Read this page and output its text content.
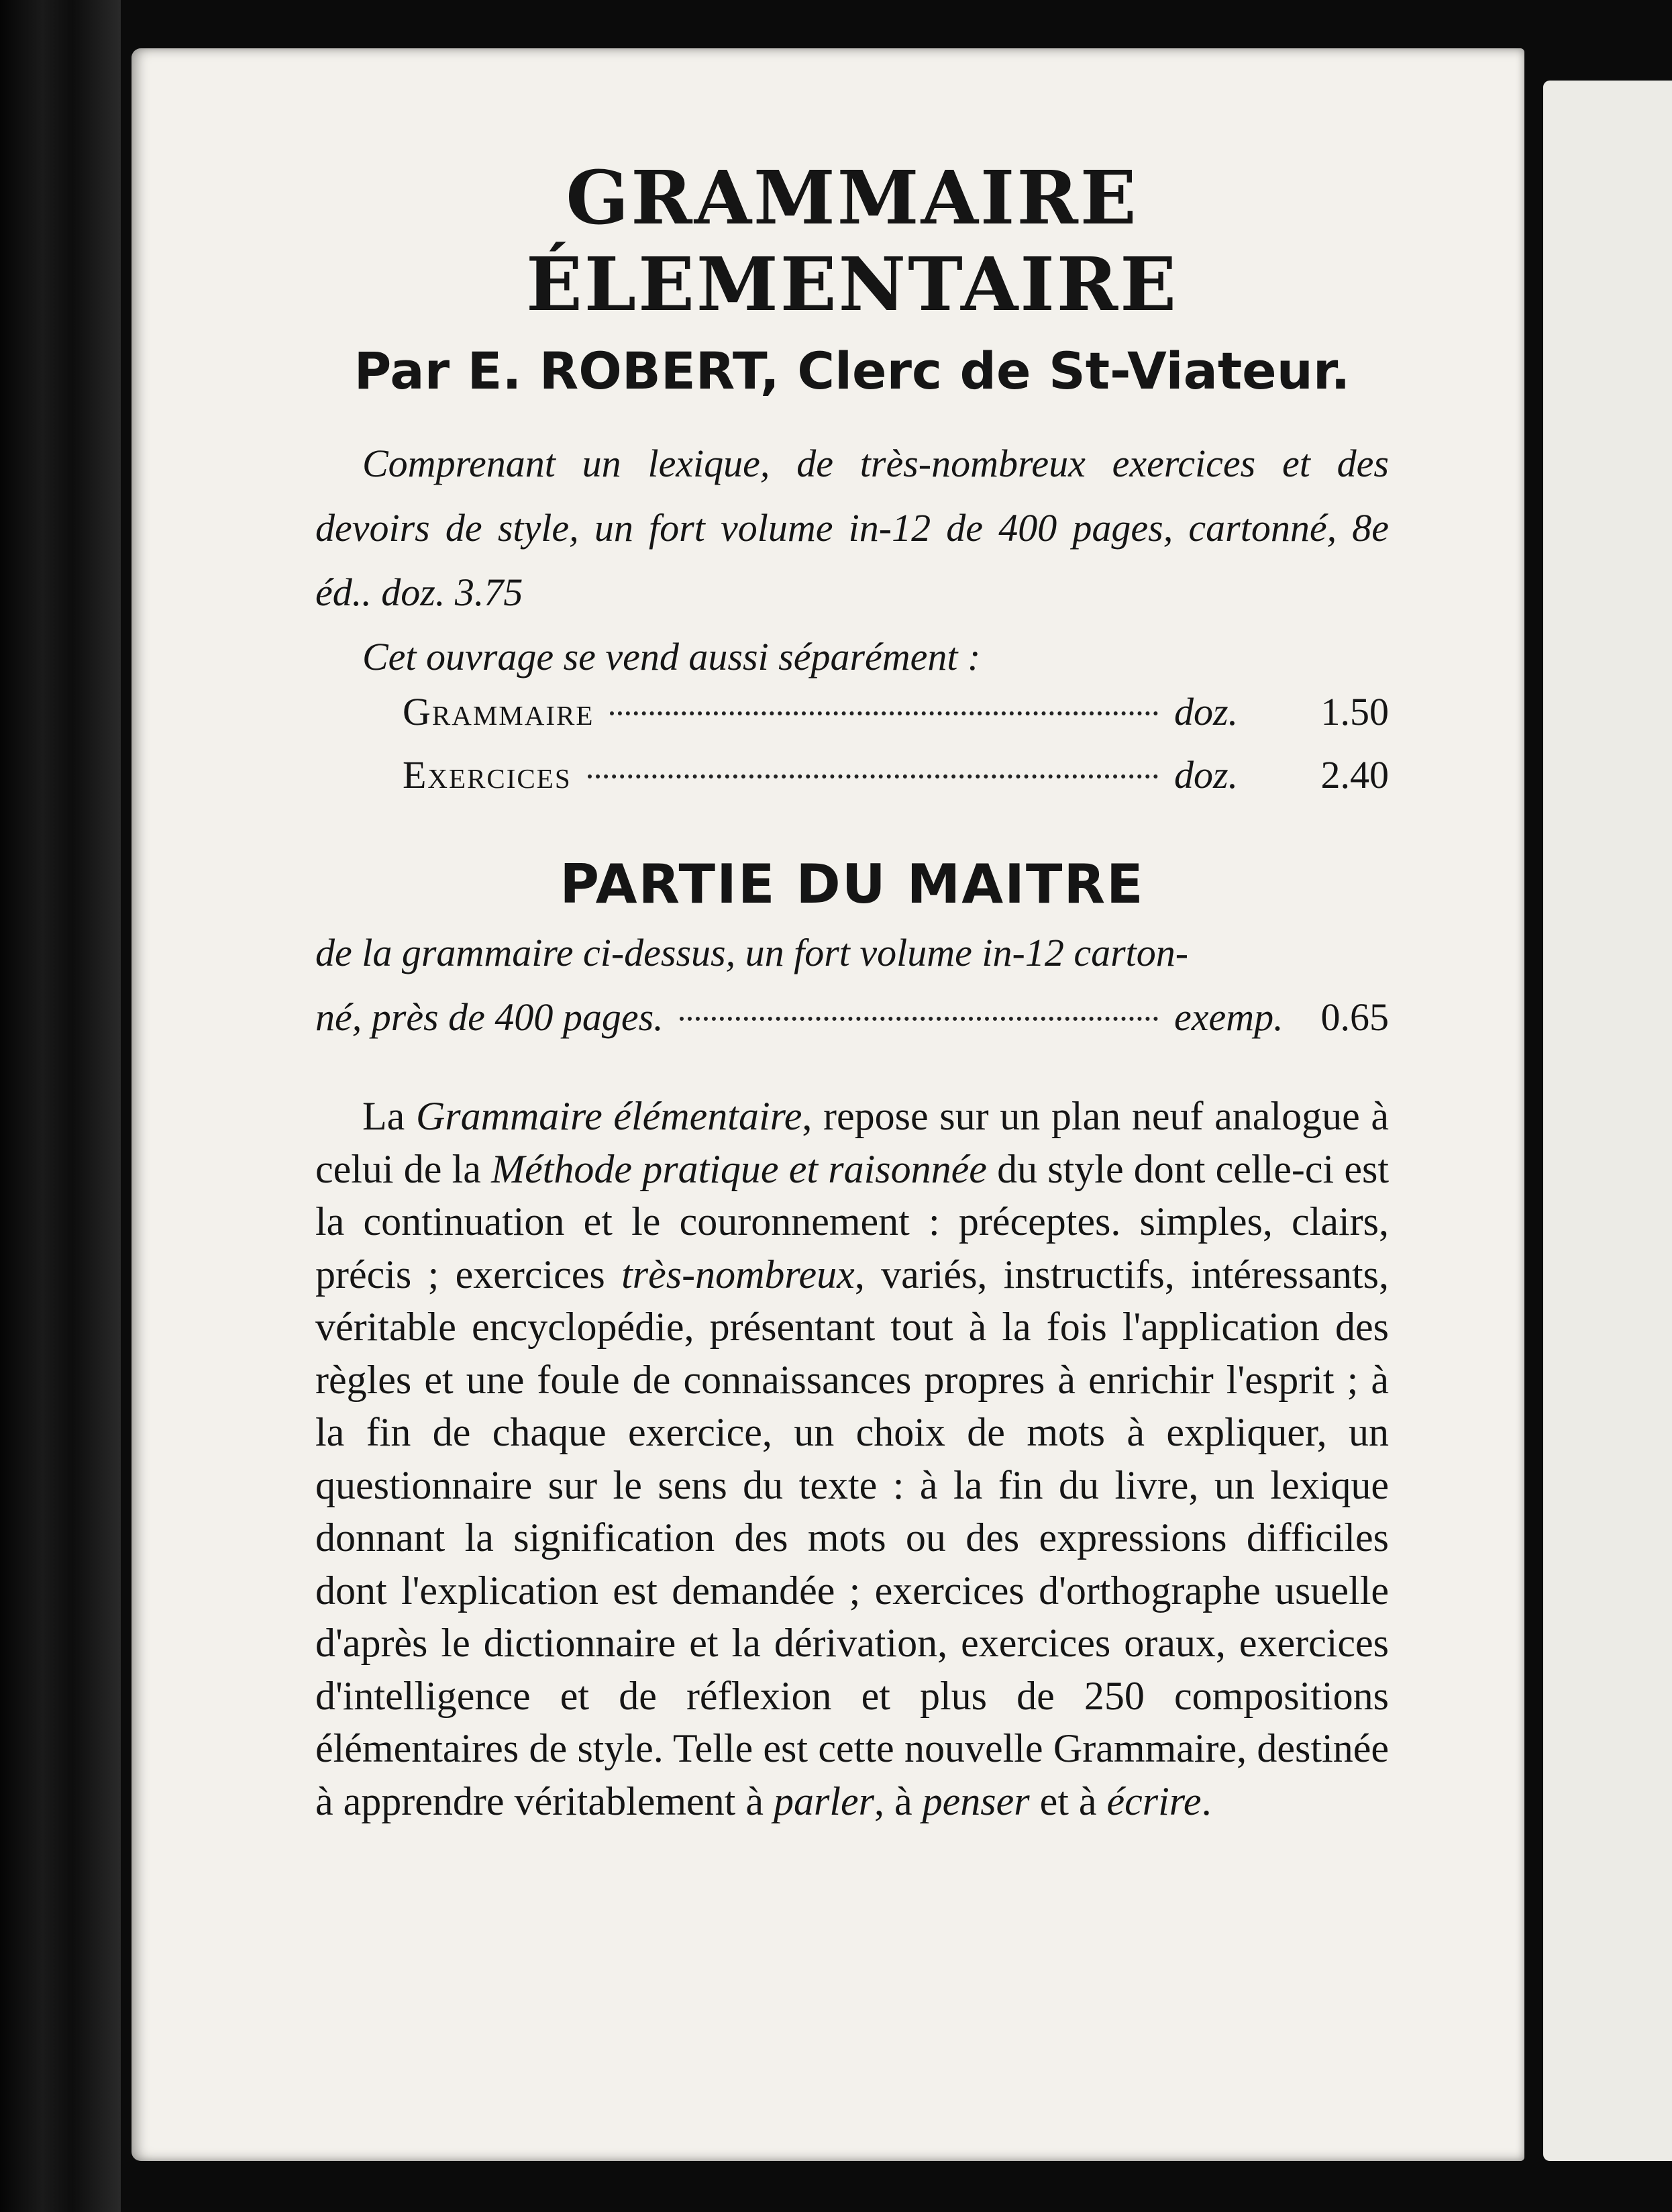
GRAMMAIRE ÉLEMENTAIRE
Par E. ROBERT, Clerc de St-Viateur.

Comprenant un lexique, de très-nombreux exercices et des devoirs de style, un fort volume in-12 de 400 pages, cartonné, 8e éd.. doz. 3.75

Cet ouvrage se vend aussi séparément :

Grammaire	doz.	1.50
Exercices	doz.	2.40
PARTIE DU MAITRE
de la grammaire ci-dessus, un fort volume in-12 carton-
né, près de 400 pages.	exemp. 0.65

La Grammaire élémentaire, repose sur un plan neuf analogue à celui de la Méthode pratique et raisonnée du style dont celle-ci est la continuation et le couronnement : préceptes. simples, clairs, précis ; exercices très-nombreux, variés, instructifs, intéressants, véritable encyclopédie, présentant tout à la fois l'application des règles et une foule de connaissances propres à enrichir l'esprit ; à la fin de chaque exercice, un choix de mots à expliquer, un questionnaire sur le sens du texte : à la fin du livre, un lexique donnant la signification des mots ou des expressions difficiles dont l'explication est demandée ; exercices d'orthographe usuelle d'après le dictionnaire et la dérivation, exercices oraux, exercices d'intelligence et de réflexion et plus de 250 compositions élémentaires de style. Telle est cette nouvelle Grammaire, destinée à apprendre véritablement à parler, à penser et à écrire.
